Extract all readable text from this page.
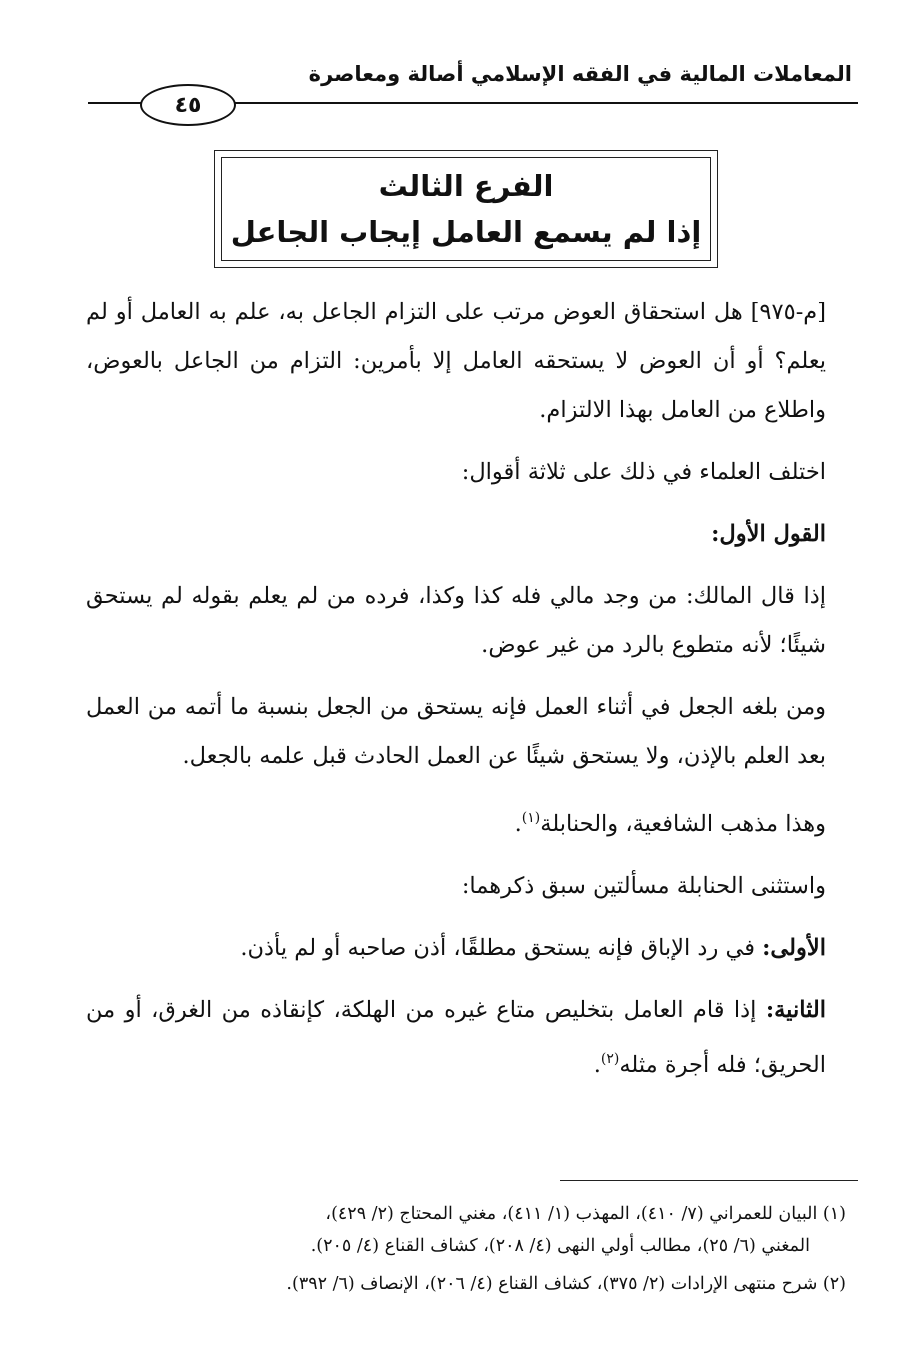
المعاملات المالية في الفقه الإسلامي أصالة ومعاصرة
٤٥
الفرع الثالث
إذا لم يسمع العامل إيجاب الجاعل

[م-٩٧٥] هل استحقاق العوض مرتب على التزام الجاعل به، علم به العامل أو لم يعلم؟ أو أن العوض لا يستحقه العامل إلا بأمرين: التزام من الجاعل بالعوض، واطلاع من العامل بهذا الالتزام.

اختلف العلماء في ذلك على ثلاثة أقوال:

القول الأول:

إذا قال المالك: من وجد مالي فله كذا وكذا، فرده من لم يعلم بقوله لم يستحق شيئًا؛ لأنه متطوع بالرد من غير عوض.

ومن بلغه الجعل في أثناء العمل فإنه يستحق من الجعل بنسبة ما أتمه من العمل بعد العلم بالإذن، ولا يستحق شيئًا عن العمل الحادث قبل علمه بالجعل.

وهذا مذهب الشافعية، والحنابلة$^{(١)}$.

واستثنى الحنابلة مسألتين سبق ذكرهما:

الأولى: في رد الإباق فإنه يستحق مطلقًا، أذن صاحبه أو لم يأذن.

الثانية: إذا قام العامل بتخليص متاع غيره من الهلكة، كإنقاذه من الغرق، أو من الحريق؛ فله أجرة مثله$^{(٢)}$.

(١) البيان للعمراني (٧/ ٤١٠)، المهذب (١/ ٤١١)، مغني المحتاج (٢/ ٤٢٩)،
المغني (٦/ ٢٥)، مطالب أولي النهى (٤/ ٢٠٨)، كشاف القناع (٤/ ٢٠٥).
(٢) شرح منتهى الإرادات (٢/ ٣٧٥)، كشاف القناع (٤/ ٢٠٦)، الإنصاف (٦/ ٣٩٢).
